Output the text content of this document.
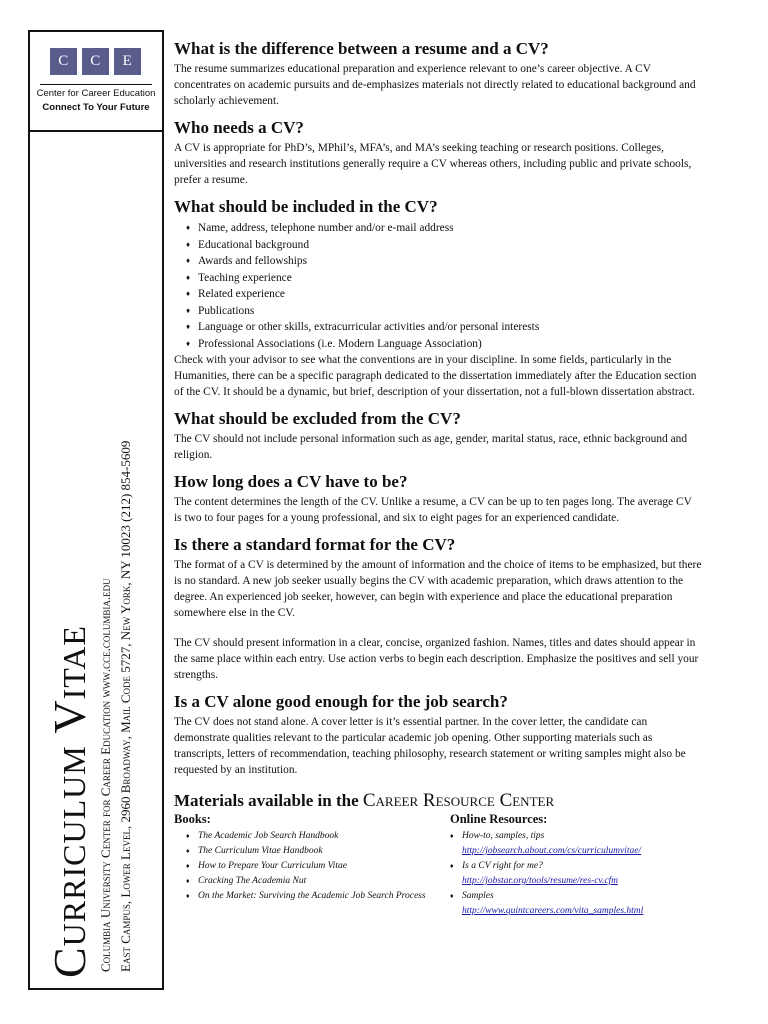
C	C	E
Center for Career Education
Connect To Your Future
Curriculum Vitae Columbia University Center for Career Education www.cce.columbia.edu East Campus, Lower Level, 2960 Broadway, Mail Code 5727, New York, NY 10023 (212) 854-5609
What is the difference between a resume and a CV?

The resume summarizes educational preparation and experience relevant to one’s career objective. A CV concentrates on academic pursuits and de-emphasizes materials not directly related to educational background and scholarly achievement.

Who needs a CV?

A CV is appropriate for PhD’s, MPhil’s, MFA’s, and MA’s seeking teaching or research positions. Colleges, universities and research institutions generally require a CV whereas others, including public and private schools, prefer a resume.

What should be included in the CV?
♦ Name, address, telephone number and/or e-mail address
♦ Educational background
♦ Awards and fellowships
♦ Teaching experience
♦ Related experience
♦ Publications
♦ Language or other skills, extracurricular activities and/or personal interests
♦ Professional Associations (i.e. Modern Language Association)

Check with your advisor to see what the conventions are in your discipline. In some fields, particularly in the Humanities, there can be a specific paragraph dedicated to the dissertation immediately after the Education section of the CV. It should be a dynamic, but brief, description of your dissertation, not a full-blown dissertation abstract.

What should be excluded from the CV?

The CV should not include personal information such as age, gender, marital status, race, ethnic background and religion.

How long does a CV have to be?

The content determines the length of the CV. Unlike a resume, a CV can be up to ten pages long. The average CV is two to four pages for a young professional, and six to eight pages for an experienced candidate.

Is there a standard format for the CV?

The format of a CV is determined by the amount of information and the choice of items to be emphasized, but there is no standard. A new job seeker usually begins the CV with academic preparation, which draws attention to the degree. An experienced job seeker, however, can begin with experience and place the educational preparation somewhere else in the CV.

The CV should present information in a clear, concise, organized fashion. Names, titles and dates should appear in the same place within each entry. Use action verbs to begin each description. Emphasize the positives and sell your strengths.

Is a CV alone good enough for the job search?

The CV does not stand alone. A cover letter is it’s essential partner. In the cover letter, the candidate can demonstrate qualities relevant to the particular academic job opening. Other supporting materials such as transcripts, letters of recommendation, teaching philosophy, research statement or writing samples might also be requested by an institution.

Materials available in the Career Resource Center
Books:
♦ The Academic Job Search Handbook
♦ The Curriculum Vitae Handbook
♦ How to Prepare Your Curriculum Vitae
♦ Cracking The Academia Nut
♦ On the Market: Surviving the Academic Job Search Process
Online Resources:
♦ How-to, samples, tips
http://jobsearch.about.com/cs/curriculumvitae/
♦ Is a CV right for me?
http://jobstar.org/tools/resume/res-cv.cfm
♦ Samples
http://www.quintcareers.com/vita_samples.html
